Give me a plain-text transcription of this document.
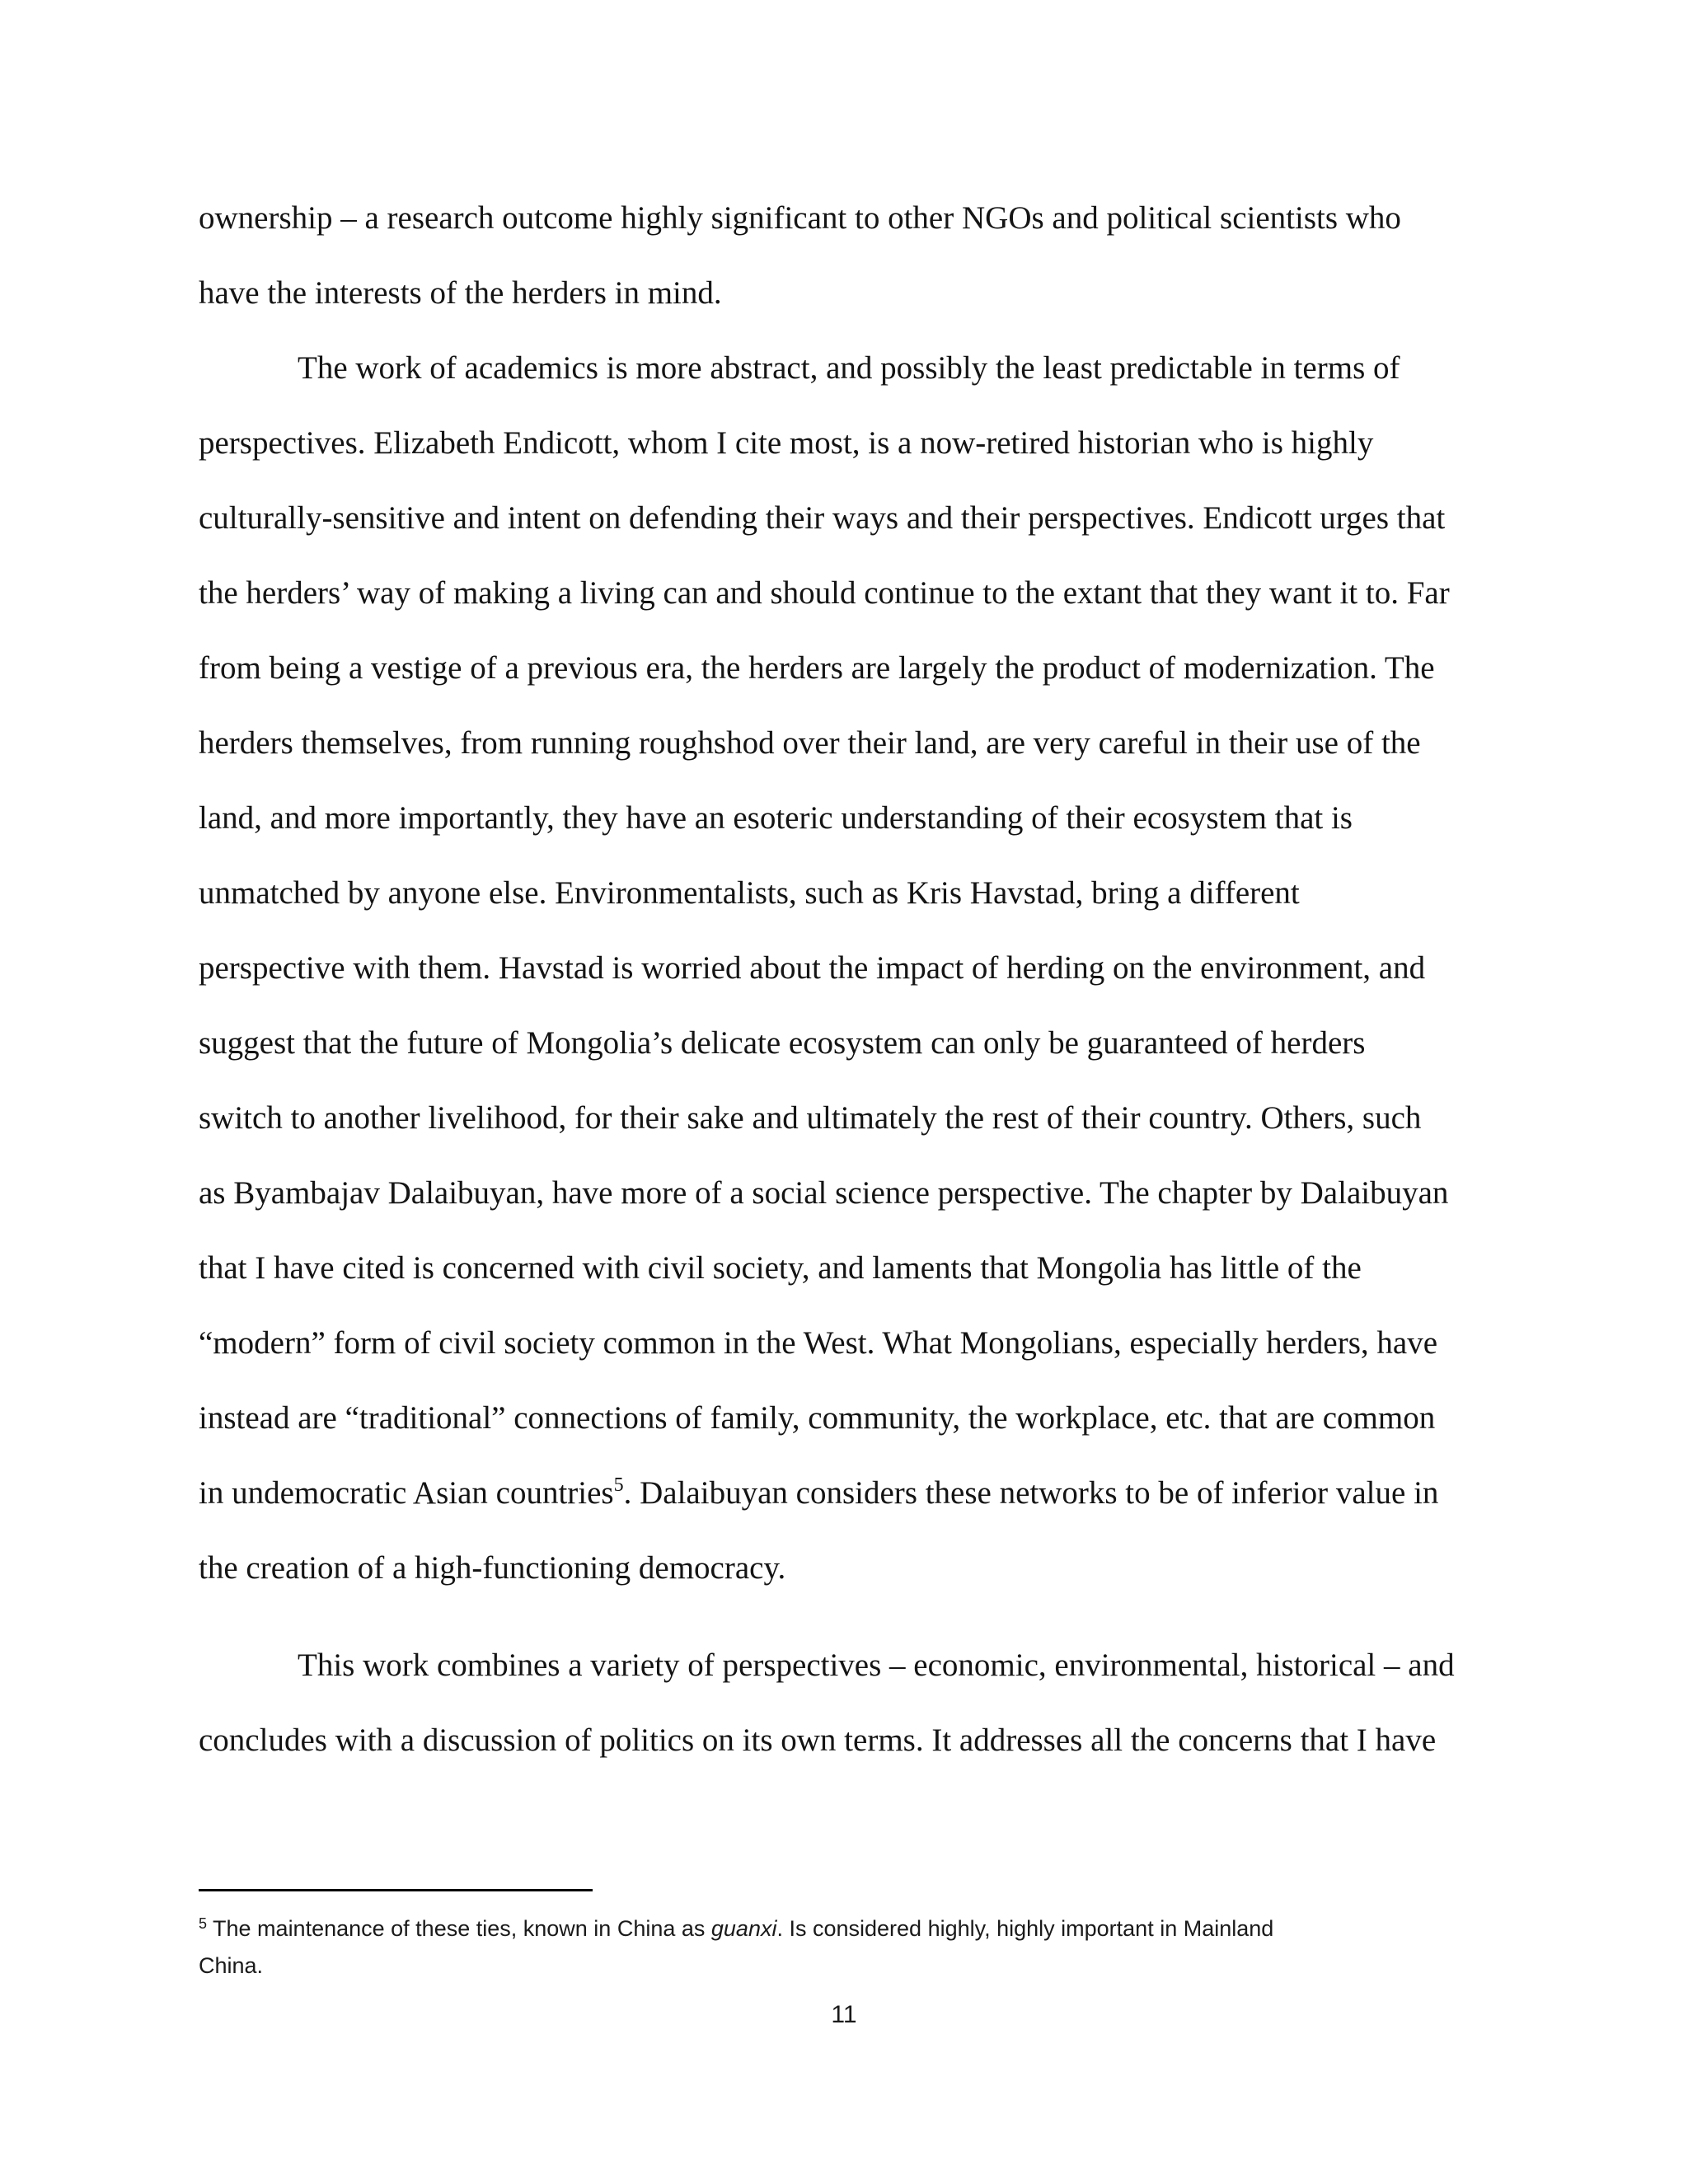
ownership – a research outcome highly significant to other NGOs and political scientists who

have the interests of the herders in mind.

The work of academics is more abstract, and possibly the least predictable in terms of

perspectives. Elizabeth Endicott, whom I cite most, is a now-retired historian who is highly

culturally-sensitive and intent on defending their ways and their perspectives. Endicott urges that

the herders’ way of making a living can and should continue to the extant that they want it to. Far

from being a vestige of a previous era, the herders are largely the product of modernization. The

herders themselves, from running roughshod over their land, are very careful in their use of the

land, and more importantly, they have an esoteric understanding of their ecosystem that is

unmatched by anyone else. Environmentalists, such as Kris Havstad, bring a different

perspective with them. Havstad is worried about the impact of herding on the environment, and

suggest that the future of Mongolia’s delicate ecosystem can only be guaranteed of herders

switch to another livelihood, for their sake and ultimately the rest of their country. Others, such

as Byambajav Dalaibuyan, have more of a social science perspective. The chapter by Dalaibuyan

that I have cited is concerned with civil society, and laments that Mongolia has little of the

“modern” form of civil society common in the West. What Mongolians, especially herders, have

instead are “traditional” connections of family, community, the workplace, etc. that are common

in undemocratic Asian countries$^5$. Dalaibuyan considers these networks to be of inferior value in

the creation of a high-functioning democracy.

This work combines a variety of perspectives – economic, environmental, historical – and

concludes with a discussion of politics on its own terms. It addresses all the concerns that I have

$^5$ The maintenance of these ties, known in China as guanxi. Is considered highly, highly important in Mainland

China.

11
